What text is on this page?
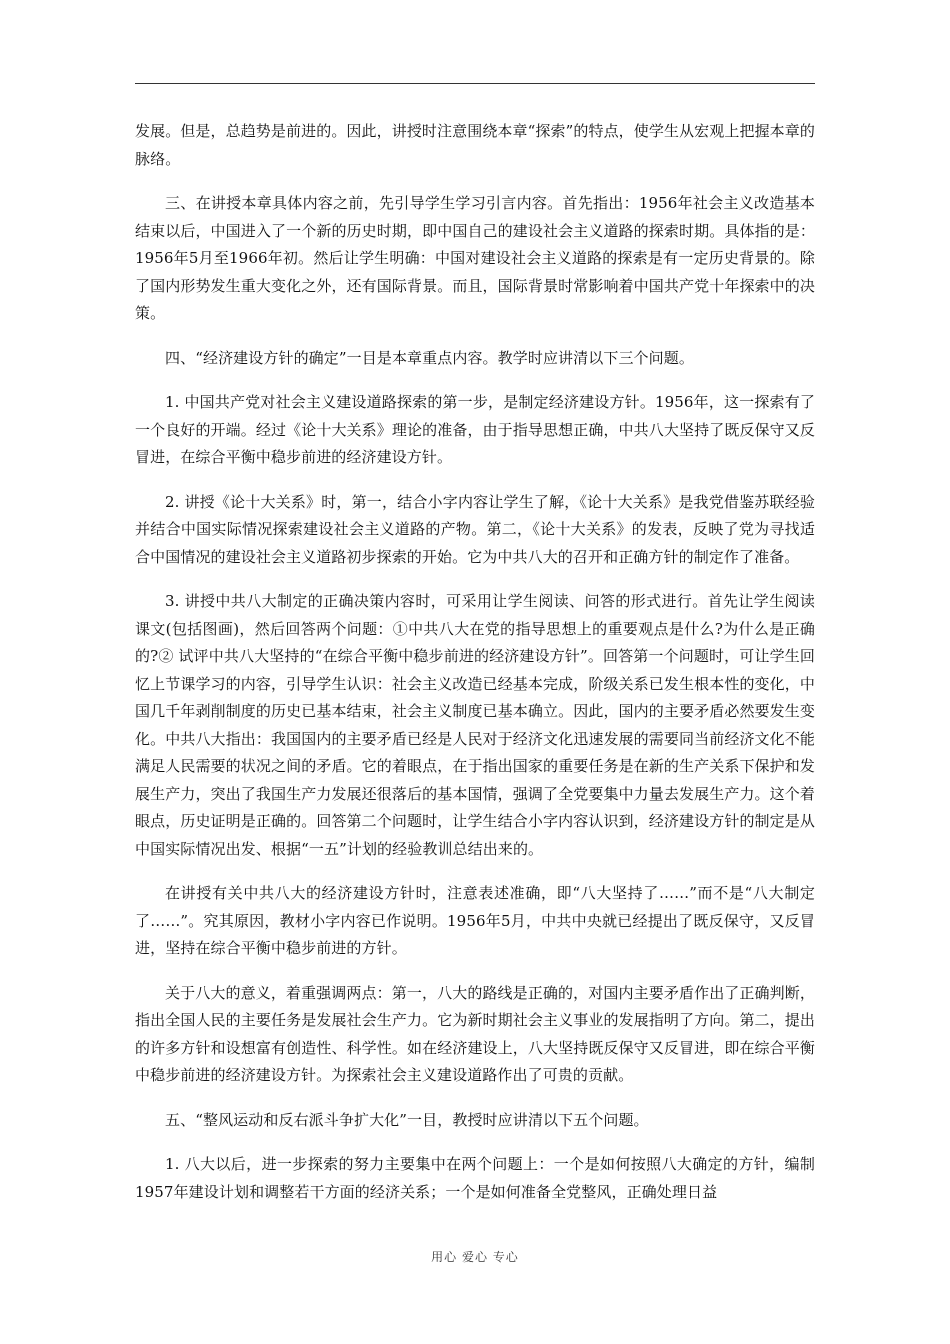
发展。但是，总趋势是前进的。因此，讲授时注意围绕本章“探索”的特点，使学生从宏观上把握本章的脉络。

三、在讲授本章具体内容之前，先引导学生学习引言内容。首先指出：1956年社会主义改造基本结束以后，中国进入了一个新的历史时期，即中国自己的建设社会主义道路的探索时期。具体指的是：1956年5月至1966年初。然后让学生明确：中国对建设社会主义道路的探索是有一定历史背景的。除了国内形势发生重大变化之外，还有国际背景。而且，国际背景时常影响着中国共产党十年探索中的决策。

四、“经济建设方针的确定”一目是本章重点内容。教学时应讲清以下三个问题。

1. 中国共产党对社会主义建设道路探索的第一步，是制定经济建设方针。1956年，这一探索有了一个良好的开端。经过《论十大关系》理论的准备，由于指导思想正确，中共八大坚持了既反保守又反冒进，在综合平衡中稳步前进的经济建设方针。

2. 讲授《论十大关系》时，第一，结合小字内容让学生了解，《论十大关系》是我党借鉴苏联经验并结合中国实际情况探索建设社会主义道路的产物。第二，《论十大关系》的发表，反映了党为寻找适合中国情况的建设社会主义道路初步探索的开始。它为中共八大的召开和正确方针的制定作了准备。

3. 讲授中共八大制定的正确决策内容时，可采用让学生阅读、问答的形式进行。首先让学生阅读课文(包括图画)，然后回答两个问题：①中共八大在党的指导思想上的重要观点是什么?为什么是正确的?② 试评中共八大坚持的“在综合平衡中稳步前进的经济建设方针”。回答第一个问题时，可让学生回忆上节课学习的内容，引导学生认识：社会主义改造已经基本完成，阶级关系已发生根本性的变化，中国几千年剥削制度的历史已基本结束，社会主义制度已基本确立。因此，国内的主要矛盾必然要发生变化。中共八大指出：我国国内的主要矛盾已经是人民对于经济文化迅速发展的需要同当前经济文化不能满足人民需要的状况之间的矛盾。它的着眼点，在于指出国家的重要任务是在新的生产关系下保护和发展生产力，突出了我国生产力发展还很落后的基本国情，强调了全党要集中力量去发展生产力。这个着眼点，历史证明是正确的。回答第二个问题时，让学生结合小字内容认识到，经济建设方针的制定是从中国实际情况出发、根据“一五”计划的经验教训总结出来的。

在讲授有关中共八大的经济建设方针时，注意表述准确，即“八大坚持了……”而不是“八大制定了……”。究其原因，教材小字内容已作说明。1956年5月，中共中央就已经提出了既反保守，又反冒进，坚持在综合平衡中稳步前进的方针。

关于八大的意义，着重强调两点：第一，八大的路线是正确的，对国内主要矛盾作出了正确判断，指出全国人民的主要任务是发展社会生产力。它为新时期社会主义事业的发展指明了方向。第二，提出的许多方针和设想富有创造性、科学性。如在经济建设上，八大坚持既反保守又反冒进，即在综合平衡中稳步前进的经济建设方针。为探索社会主义建设道路作出了可贵的贡献。

五、“整风运动和反右派斗争扩大化”一目，教授时应讲清以下五个问题。

1. 八大以后，进一步探索的努力主要集中在两个问题上：一个是如何按照八大确定的方针，编制1957年建设计划和调整若干方面的经济关系；一个是如何准备全党整风，正确处理日益

用心 爱心 专心
